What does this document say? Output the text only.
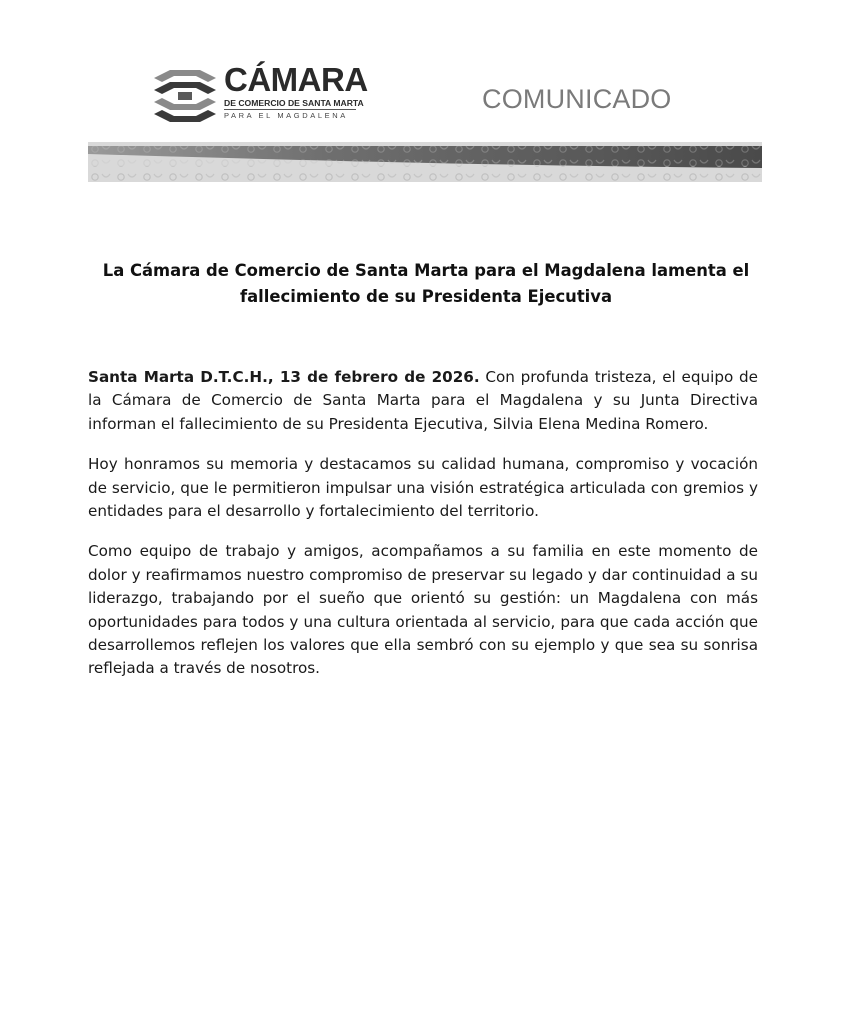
CÁMARA
DE COMERCIO DE SANTA MARTA
PARA EL MAGDALENA
COMUNICADO
La Cámara de Comercio de Santa Marta para el Magdalena lamenta el
fallecimiento de su Presidenta Ejecutiva

Santa Marta D.T.C.H., 13 de febrero de 2026. Con profunda tristeza, el equipo de la Cámara de Comercio de Santa Marta para el Magdalena y su Junta Directiva informan el fallecimiento de su Presidenta Ejecutiva, Silvia Elena Medina Romero.

Hoy honramos su memoria y destacamos su calidad humana, compromiso y vocación de servicio, que le permitieron impulsar una visión estratégica articulada con gremios y entidades para el desarrollo y fortalecimiento del territorio.

Como equipo de trabajo y amigos, acompañamos a su familia en este momento de dolor y reafirmamos nuestro compromiso de preservar su legado y dar continuidad a su liderazgo, trabajando por el sueño que orientó su gestión: un Magdalena con más oportunidades para todos y una cultura orientada al servicio, para que cada acción que desarrollemos reflejen los valores que ella sembró con su ejemplo y que sea su sonrisa reflejada a través de nosotros.
